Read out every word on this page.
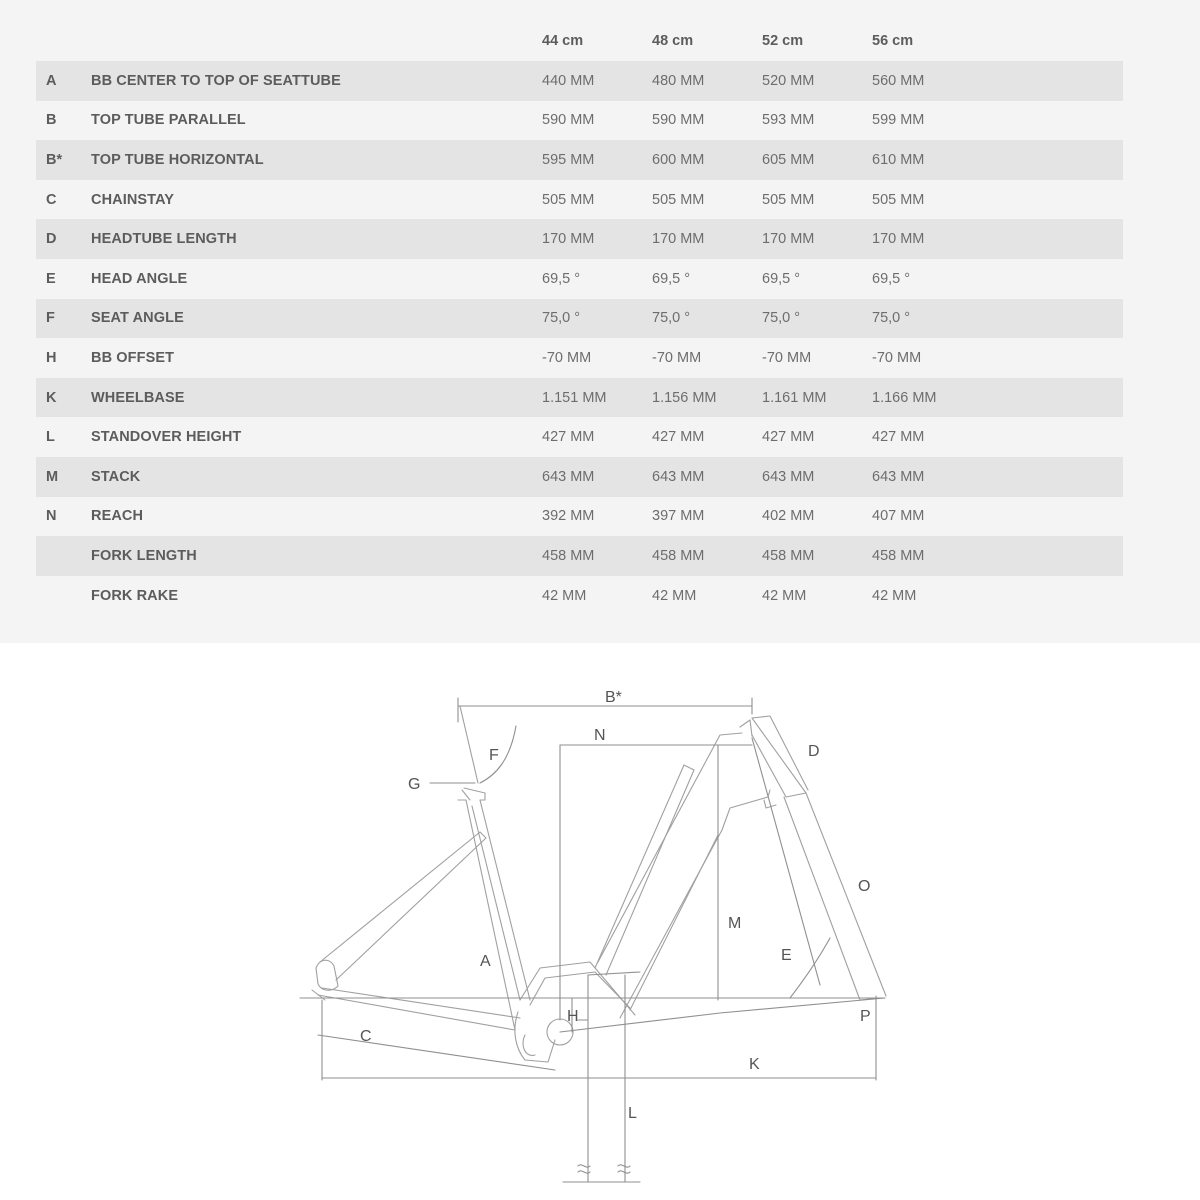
		44 cm	48 cm	52 cm	56 cm
A	BB CENTER TO TOP OF SEATTUBE	440 MM	480 MM	520 MM	560 MM
B	TOP TUBE PARALLEL	590 MM	590 MM	593 MM	599 MM
B*	TOP TUBE HORIZONTAL	595 MM	600 MM	605 MM	610 MM
C	CHAINSTAY	505 MM	505 MM	505 MM	505 MM
D	HEADTUBE LENGTH	170 MM	170 MM	170 MM	170 MM
E	HEAD ANGLE	69,5 °	69,5 °	69,5 °	69,5 °
F	SEAT ANGLE	75,0 °	75,0 °	75,0 °	75,0 °
H	BB OFFSET	-70 MM	-70 MM	-70 MM	-70 MM
K	WHEELBASE	1.151 MM	1.156 MM	1.161 MM	1.166 MM
L	STANDOVER HEIGHT	427 MM	427 MM	427 MM	427 MM
M	STACK	643 MM	643 MM	643 MM	643 MM
N	REACH	392 MM	397 MM	402 MM	407 MM
	FORK LENGTH	458 MM	458 MM	458 MM	458 MM
	FORK RAKE	42 MM	42 MM	42 MM	42 MM
B*
N
D
F
G
O
M
E
A
H
C
K
P
L
